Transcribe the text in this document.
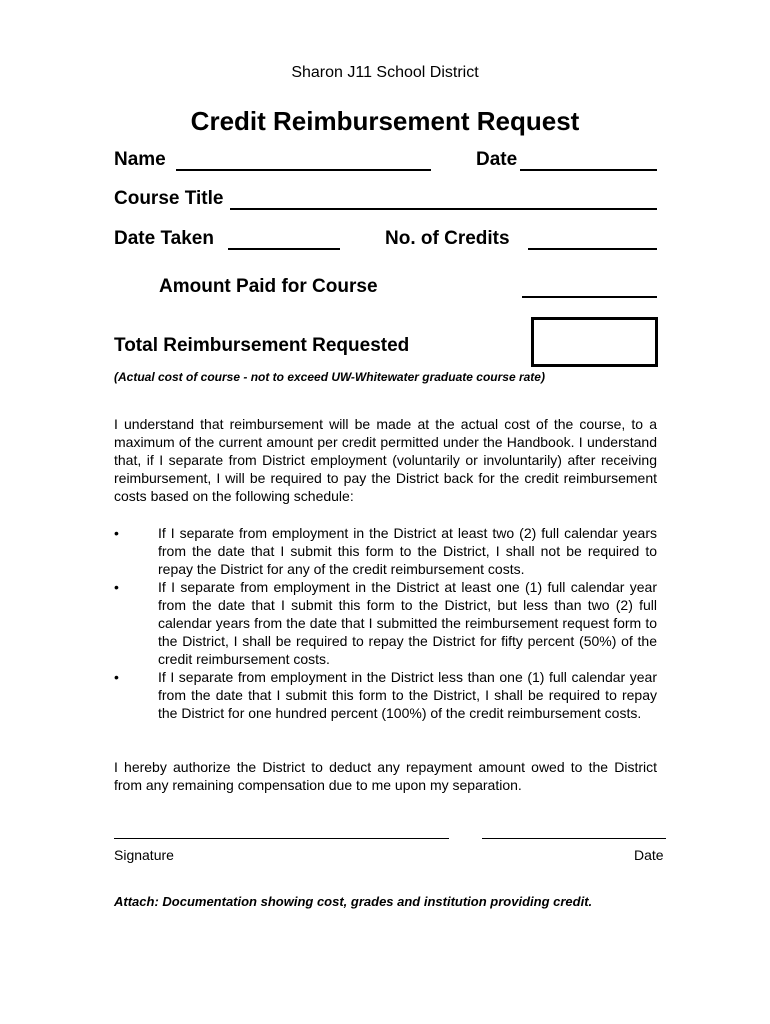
Sharon J11 School District
Credit Reimbursement Request
Name	Date
Course Title
Date Taken	No. of Credits
Amount Paid for Course
Total Reimbursement Requested
(Actual cost of course - not to exceed UW-Whitewater graduate course rate)
I understand that reimbursement will be made at the actual cost of the course, to a maximum of the current amount per credit permitted under the Handbook. I understand that, if I separate from District employment (voluntarily or involuntarily) after receiving reimbursement, I will be required to pay the District back for the credit reimbursement costs based on the following schedule:
•	If I separate from employment in the District at least two (2) full calendar years from the date that I submit this form to the District, I shall not be required to repay the District for any of the credit reimbursement costs.
•	If I separate from employment in the District at least one (1) full calendar year from the date that I submit this form to the District, but less than two (2) full calendar years from the date that I submitted the reimbursement request form to the District, I shall be required to repay the District for fifty percent (50%) of the credit reimbursement costs.
•	If I separate from employment in the District less than one (1) full calendar year from the date that I submit this form to the District, I shall be required to repay the District for one hundred percent (100%) of the credit reimbursement costs.
I hereby authorize the District to deduct any repayment amount owed to the District from any remaining compensation due to me upon my separation.
Signature	Date
Attach: Documentation showing cost, grades and institution providing credit.
